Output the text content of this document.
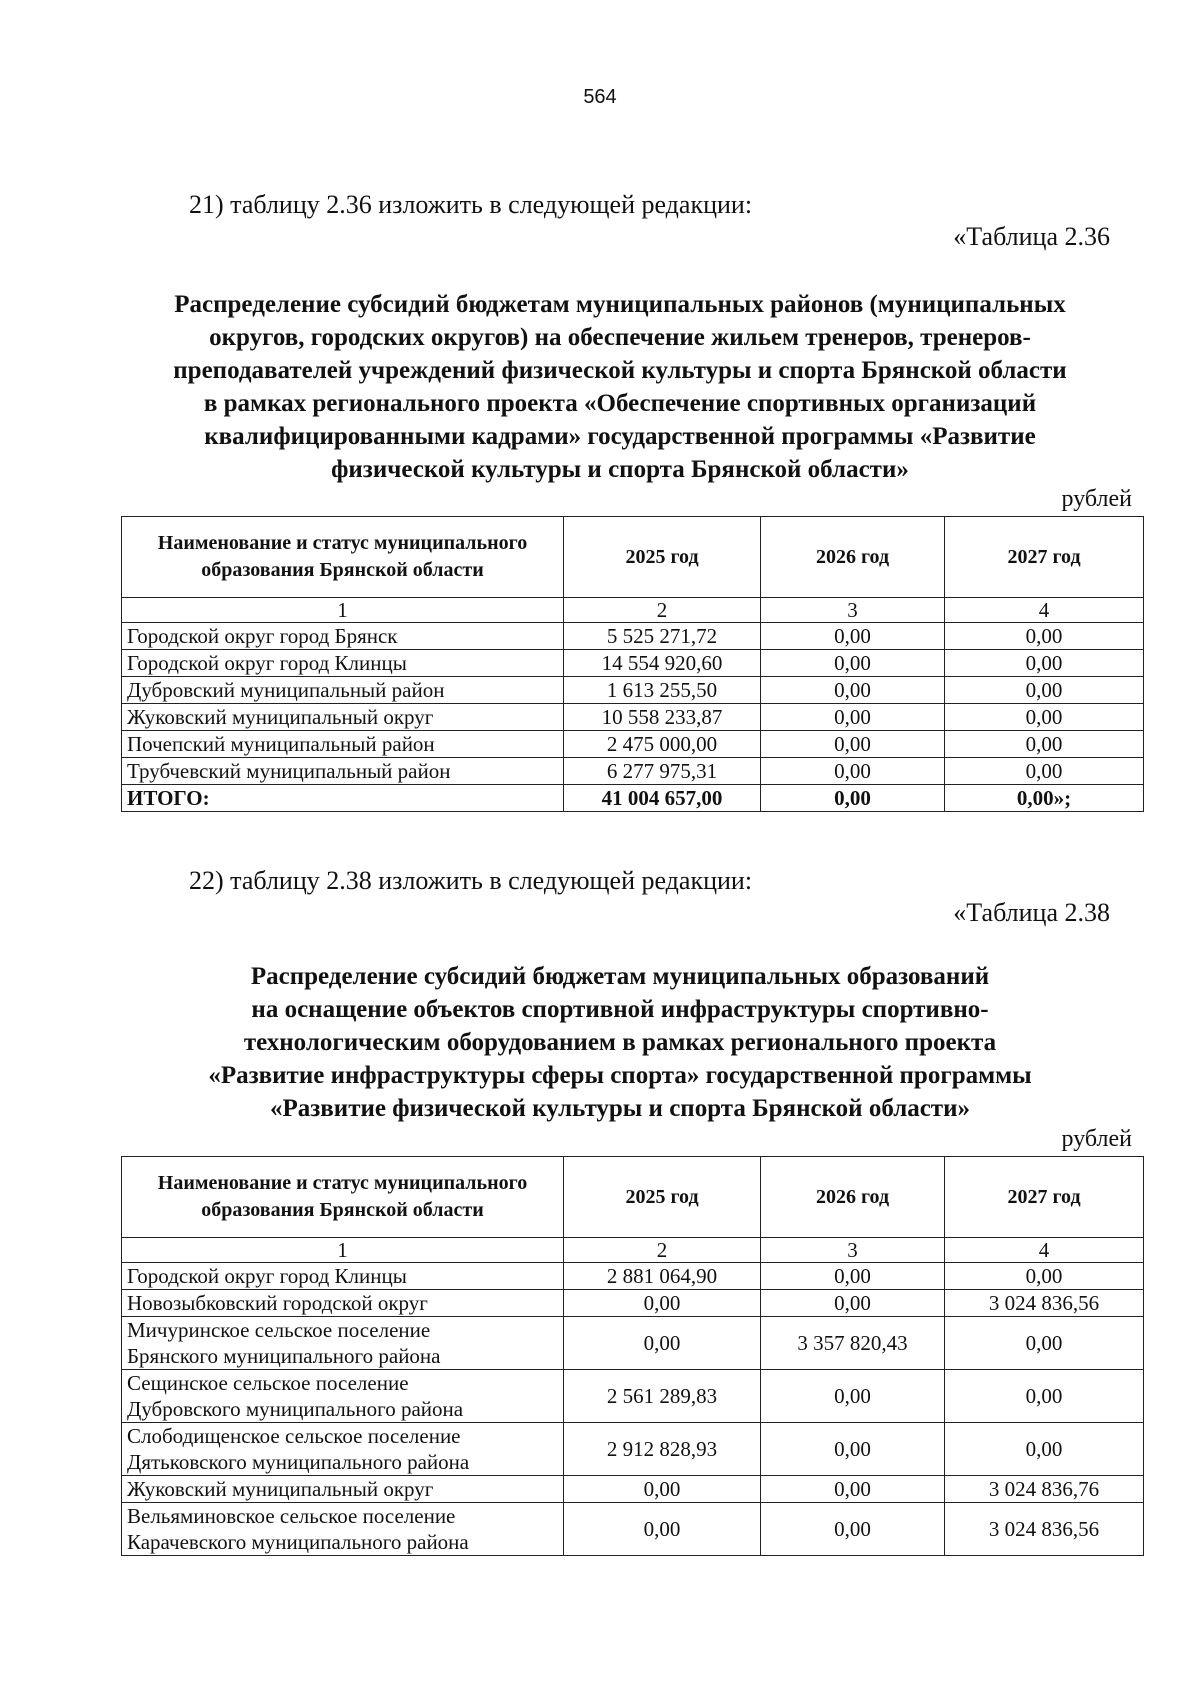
564
21) таблицу 2.36 изложить в следующей редакции:
«Таблица 2.36
Распределение субсидий бюджетам муниципальных районов (муниципальных
округов, городских округов) на обеспечение жильем тренеров, тренеров-
преподавателей учреждений физической культуры и спорта Брянской области
в рамках регионального проекта «Обеспечение спортивных организаций
квалифицированными кадрами» государственной программы «Развитие
физической культуры и спорта Брянской области»
рублей
Наименование и статус муниципального образования Брянской области	2025 год	2026 год	2027 год
1	2	3	4
Городской округ город Брянск	5 525 271,72	0,00	0,00
Городской округ город Клинцы	14 554 920,60	0,00	0,00
Дубровский муниципальный район	1 613 255,50	0,00	0,00
Жуковский муниципальный округ	10 558 233,87	0,00	0,00
Почепский муниципальный район	2 475 000,00	0,00	0,00
Трубчевский муниципальный район	6 277 975,31	0,00	0,00
ИТОГО:	41 004 657,00	0,00	0,00»;
22) таблицу 2.38 изложить в следующей редакции:
«Таблица 2.38
Распределение субсидий бюджетам муниципальных образований
на оснащение объектов спортивной инфраструктуры спортивно-
технологическим оборудованием в рамках регионального проекта
«Развитие инфраструктуры сферы спорта» государственной программы
«Развитие физической культуры и спорта Брянской области»
рублей
Наименование и статус муниципального образования Брянской области	2025 год	2026 год	2027 год
1	2	3	4

Городской округ город Клинцы	2 881 064,90	0,00	0,00

Новозыбковский городской округ	0,00	0,00	3 024 836,56

Мичуринское сельское поселение
Брянского муниципального района	0,00	3 357 820,43	0,00

Сещинское сельское поселение
Дубровского муниципального района	2 561 289,83	0,00	0,00

Слободищенское сельское поселение
Дятьковского муниципального района	2 912 828,93	0,00	0,00

Жуковский муниципальный округ	0,00	0,00	3 024 836,76

Вельяминовское сельское поселение
Карачевского муниципального района	0,00	0,00	3 024 836,56
